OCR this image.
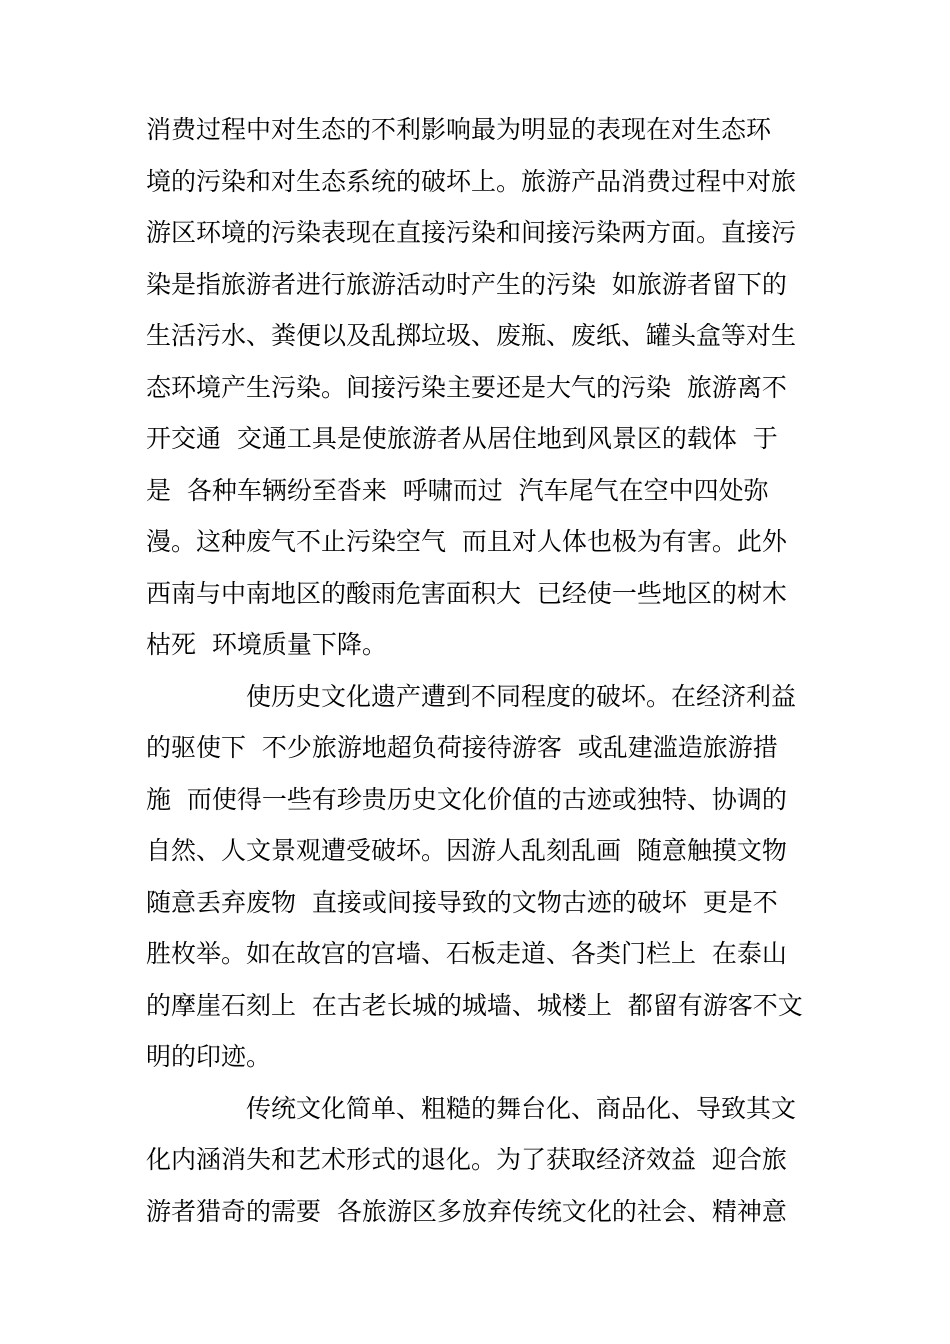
消费过程中对生态的不利影响最为明显的表现在对生态环
境的污染和对生态系统的破坏上。旅游产品消费过程中对旅
游区环境的污染表现在直接污染和间接污染两方面。直接污
染是指旅游者进行旅游活动时产生的污染  如旅游者留下的
生活污水、粪便以及乱掷垃圾、废瓶、废纸、罐头盒等对生
态环境产生污染。间接污染主要还是大气的污染  旅游离不
开交通  交通工具是使旅游者从居住地到风景区的载体  于
是  各种车辆纷至沓来  呼啸而过  汽车尾气在空中四处弥
漫。这种废气不止污染空气  而且对人体也极为有害。此外
西南与中南地区的酸雨危害面积大  已经使一些地区的树木
枯死  环境质量下降。
使历史文化遗产遭到不同程度的破坏。在经济利益
的驱使下  不少旅游地超负荷接待游客  或乱建滥造旅游措
施  而使得一些有珍贵历史文化价值的古迹或独特、协调的
自然、人文景观遭受破坏。因游人乱刻乱画  随意触摸文物
随意丢弃废物  直接或间接导致的文物古迹的破坏  更是不
胜枚举。如在故宫的宫墙、石板走道、各类门栏上  在泰山
的摩崖石刻上  在古老长城的城墙、城楼上  都留有游客不文
明的印迹。
传统文化简单、粗糙的舞台化、商品化、导致其文
化内涵消失和艺术形式的退化。为了获取经济效益  迎合旅
游者猎奇的需要  各旅游区多放弃传统文化的社会、精神意
